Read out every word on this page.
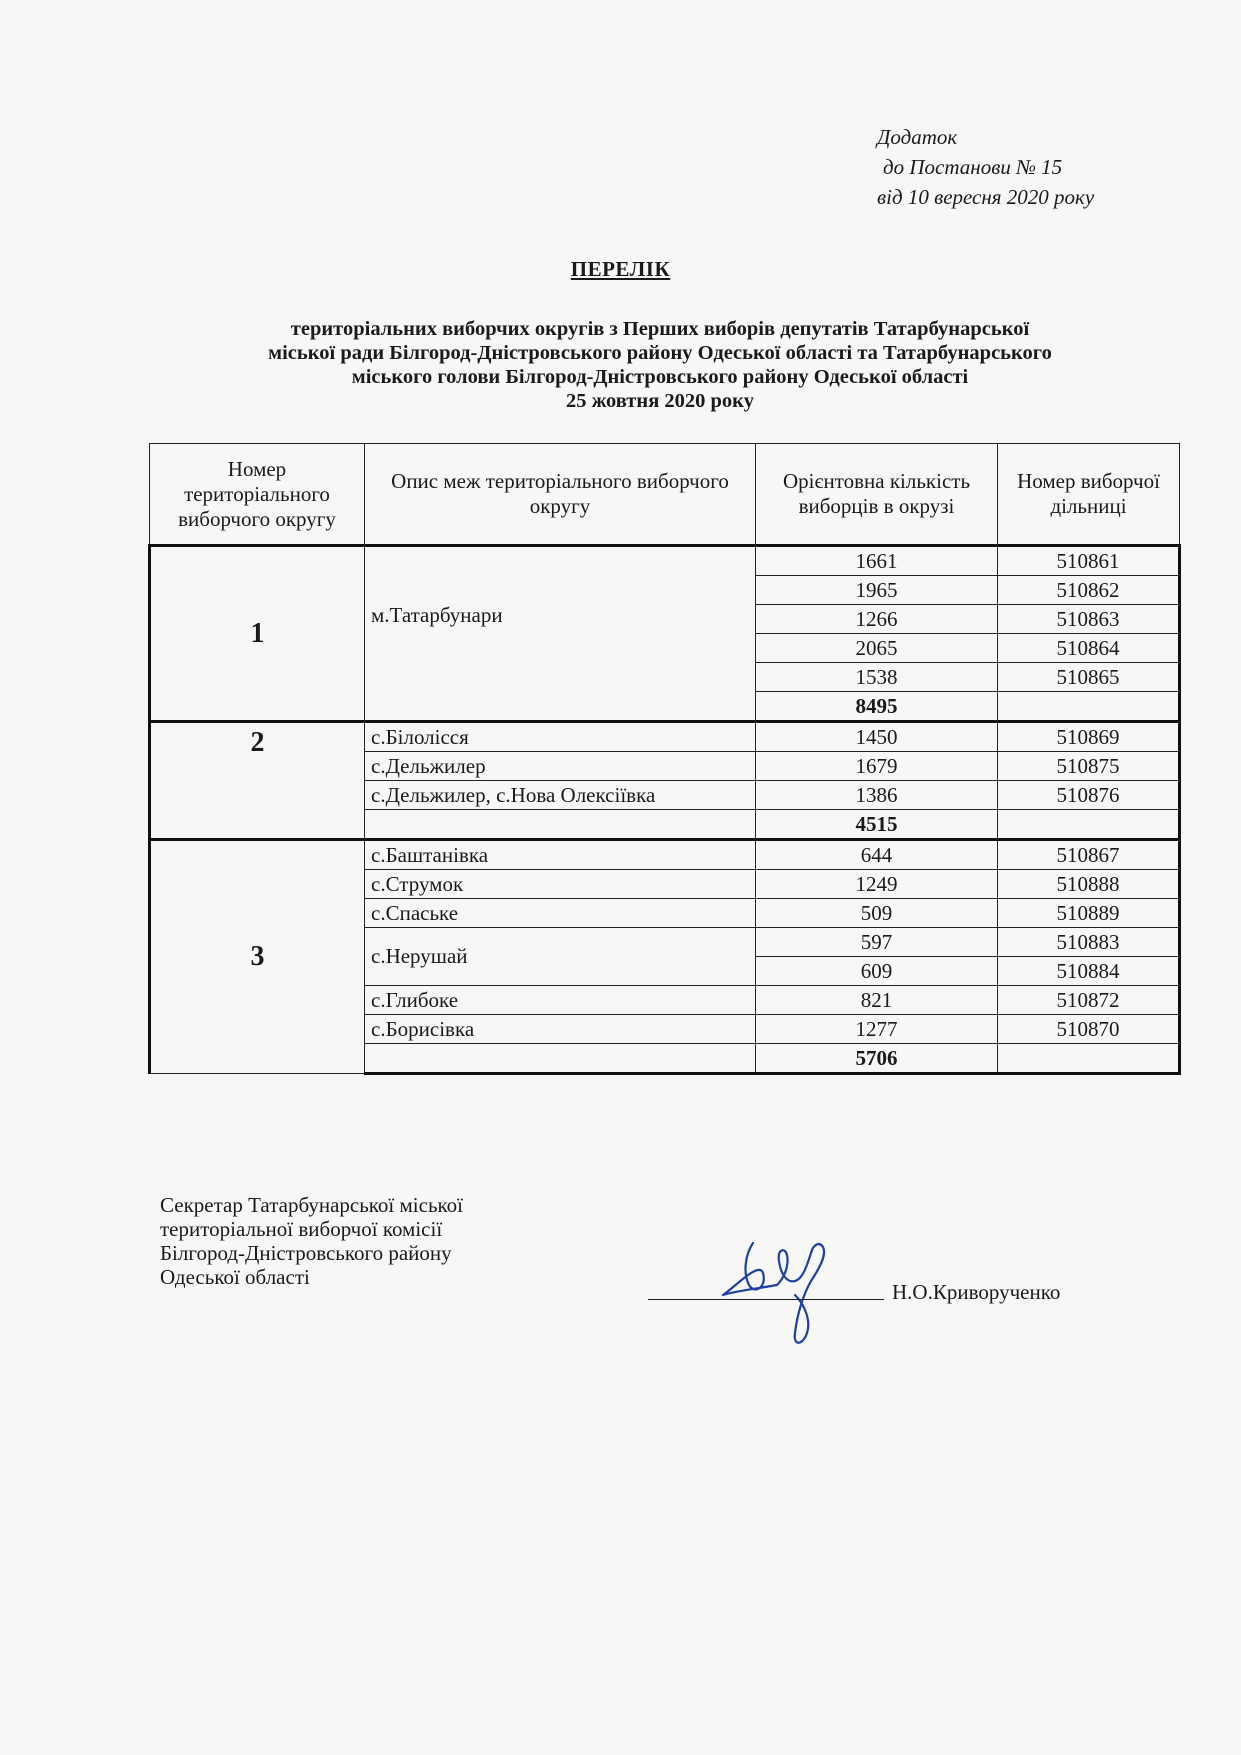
Додаток
до Постанови № 15
від 10 вересня 2020 року
ПЕРЕЛІК
територіальних виборчих округів з Перших виборів депутатів Татарбунарської
міської ради Білгород-Дністровського району Одеської області та Татарбунарського
міського голови Білгород-Дністровського району Одеської області
25 жовтня 2020 року
Номер територіального виборчого округу	Опис меж територіального виборчого округу	Орієнтовна кількість виборців в окрузі	Номер виборчої дільниці
1	м.Татарбунари	1661	510861
		1965	510862
		1266	510863
		2065	510864
		1538	510865
		8495	
2	с.Білолісся	1450	510869
	с.Дельжилер	1679	510875
	с.Дельжилер, с.Нова Олексіївка	1386	510876
		4515	
3	с.Баштанівка	644	510867
	с.Струмок	1249	510888
	с.Спаське	509	510889
	с.Нерушай	597	510883
		609	510884
	с.Глибоке	821	510872
	с.Борисівка	1277	510870
		5706	
Секретар Татарбунарської міської
територіальної виборчої комісії
Білгород-Дністровського району
Одеської області
Н.О.Криворученко
